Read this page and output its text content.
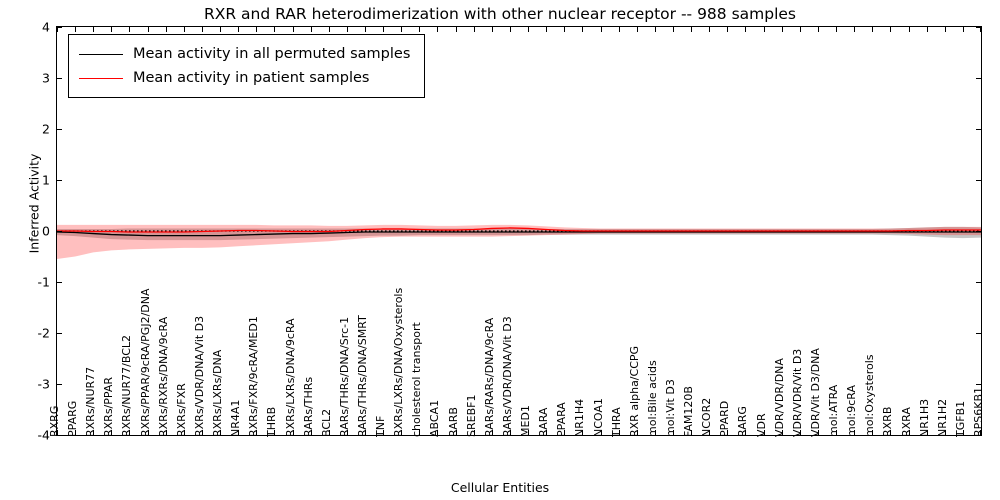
RXR and RAR heterodimerization with other nuclear receptor -- 988 samples
Inferred Activity
Cellular Entities
-4
-3
-2
-1
0
1
2
3
4
RXRG PPARG RXRs/NUR77 RXRs/PPAR RXRs/NUR77/BCL2 RXRs/PPAR/9cRA/PGJ2/DNA RXRs/RXRs/DNA/9cRA RXRs/FXR RXRs/VDR/DNA/Vit D3 RXRs/LXRs/DNA NR4A1 RXRs/FXR/9cRA/MED1 THRB RXRs/LXRs/DNA/9cRA RARs/THRs BCL2 RARs/THRs/DNA/Src-1 RARs/THRs/DNA/SMRT TNF RXRs/LXRs/DNA/Oxysterols cholesterol transport ABCA1 RARB SREBF1 RARs/RARs/DNA/9cRA RARs/VDR/DNA/Vit D3 MED1 RARA PPARA NR1H4 NCOA1 THRA RXR alpha/CCPG mol:Bile acids mol:Vit D3 FAM120B NCOR2 PPARD RARG VDR VDR/VDR/DNA VDR/VDR/Vit D3 VDR/Vit D3/DNA mol:ATRA mol:9cRA mol:Oxysterols RXRB RXRA NR1H3 NR1H2 TGFB1 RPS6KB1
Mean activity in all permuted samples
Mean activity in patient samples
